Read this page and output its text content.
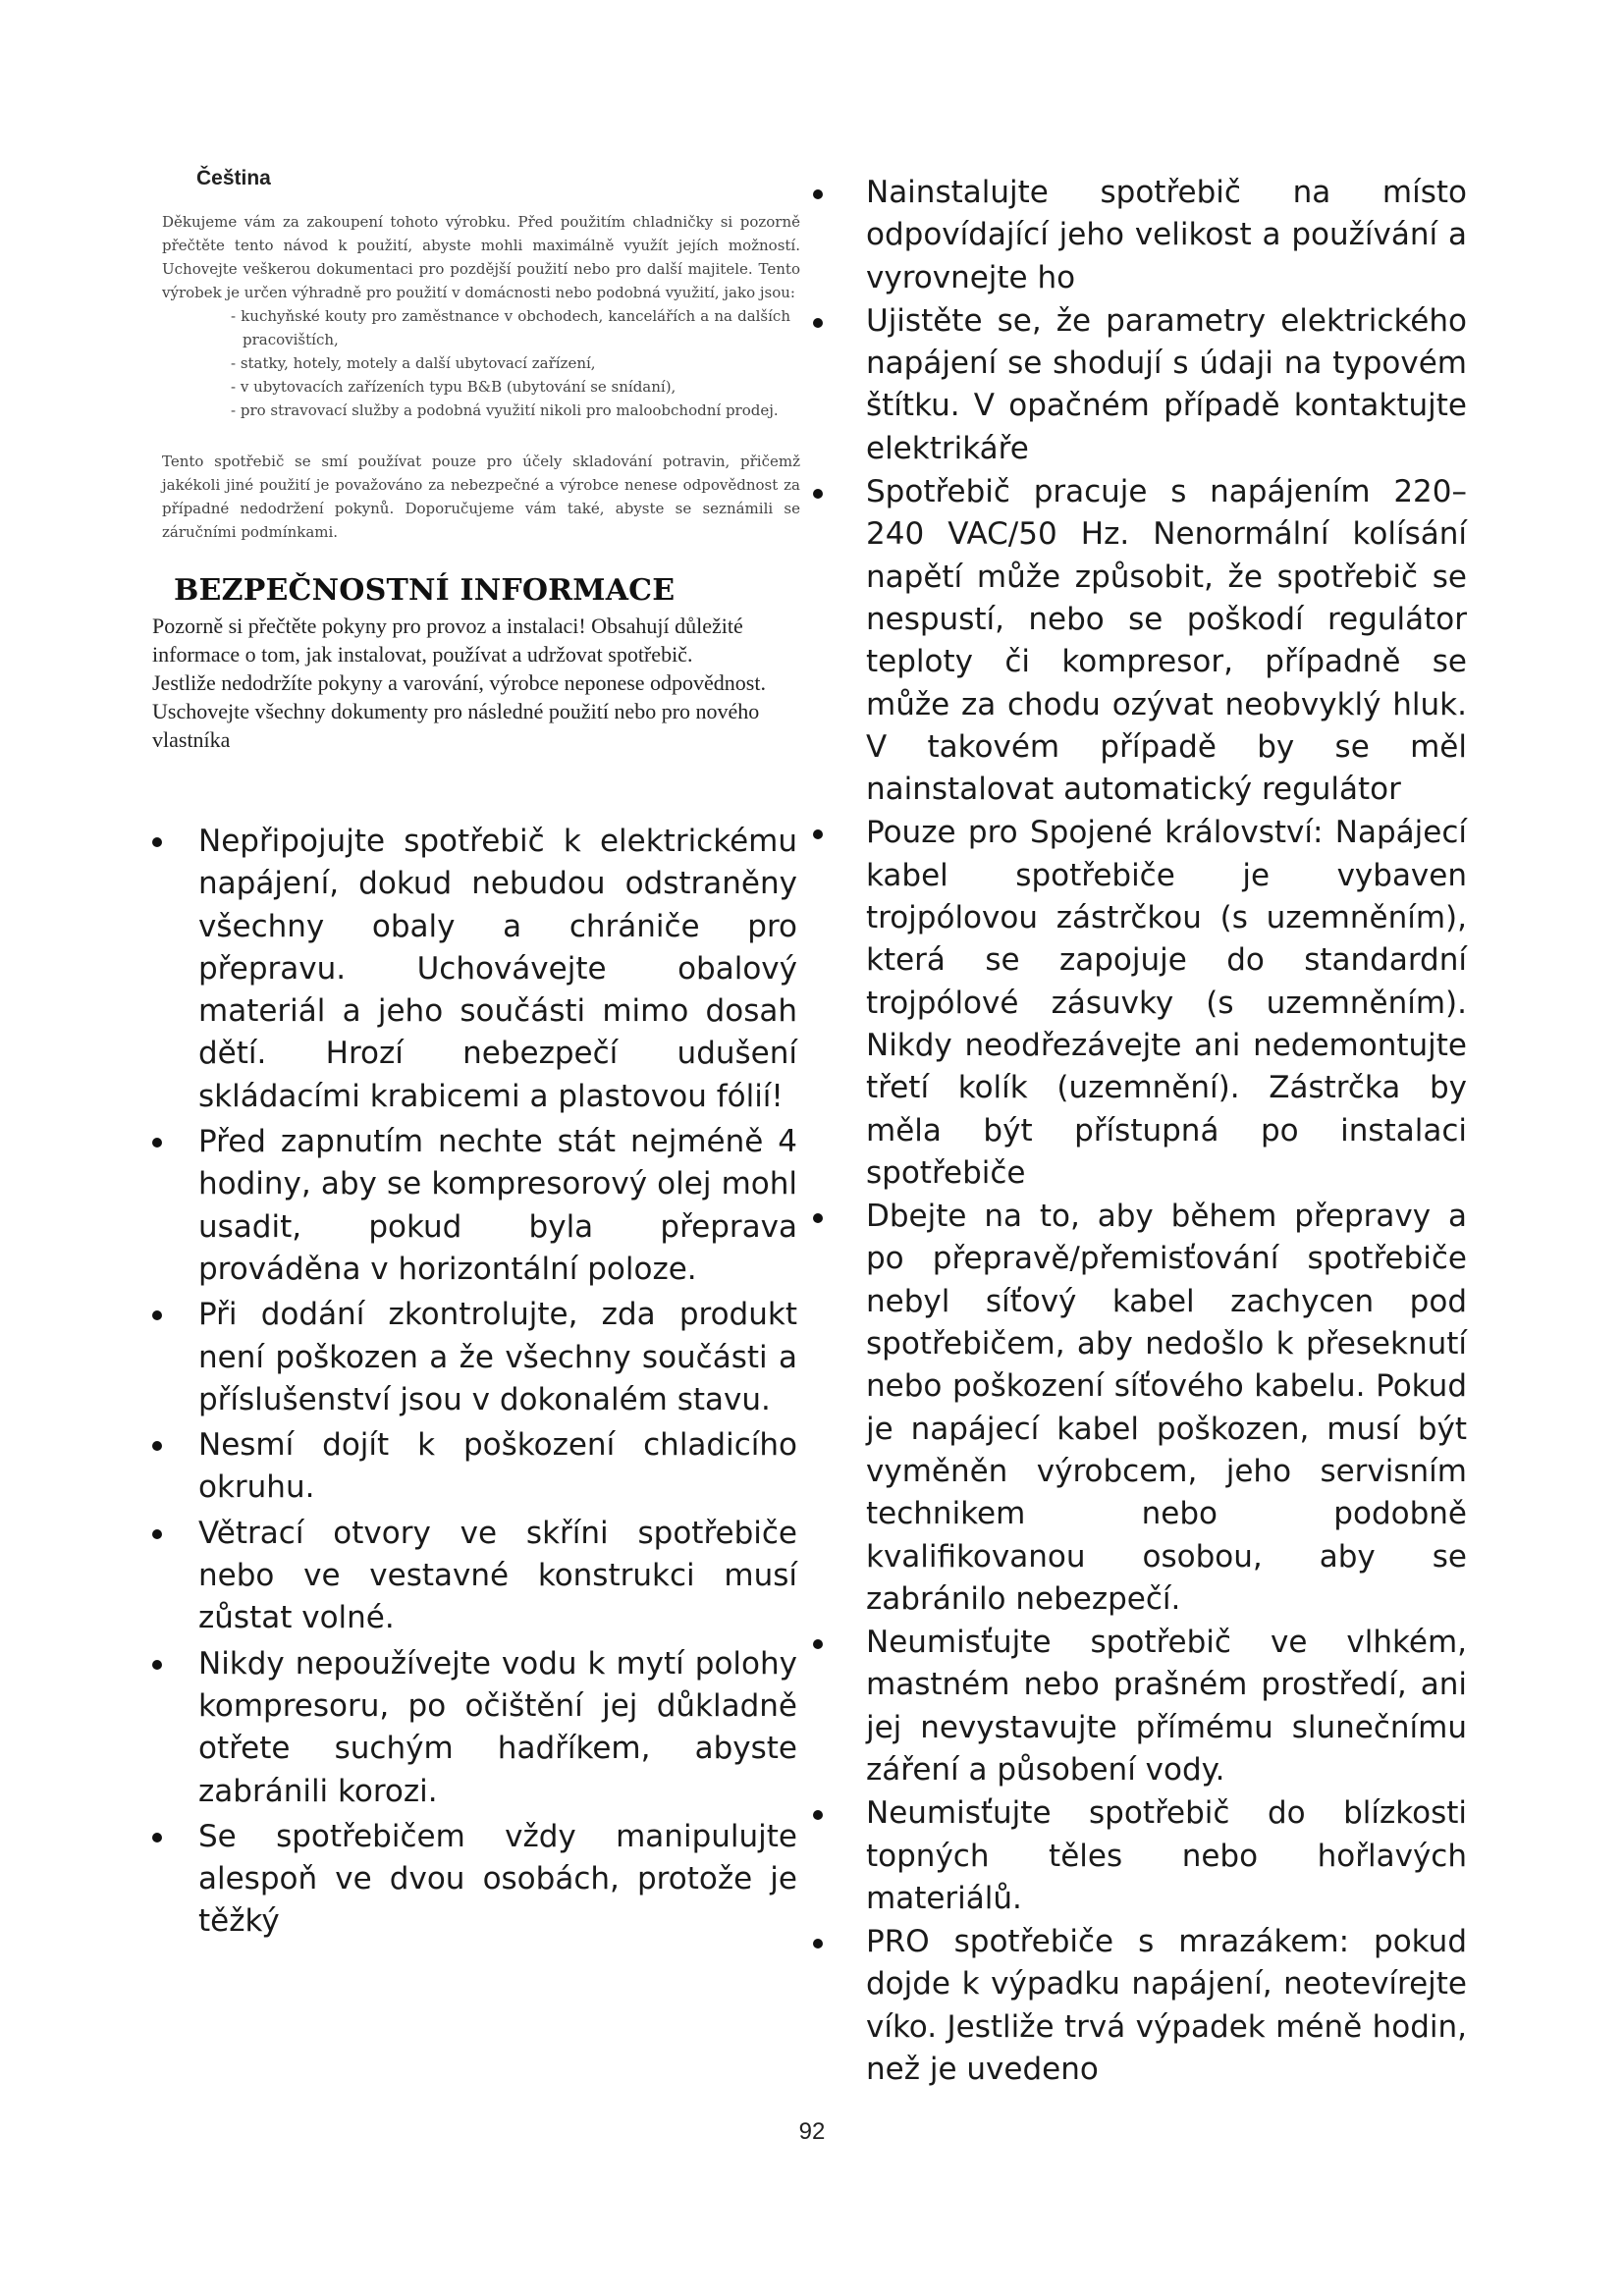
Čeština

Děkujeme vám za zakoupení tohoto výrobku. Před použitím chladničky si pozorně přečtěte tento návod k použití, abyste mohli maximálně využít jejích možností. Uchovejte veškerou dokumentaci pro pozdější použití nebo pro další majitele. Tento výrobek je určen výhradně pro použití v domácnosti nebo podobná využití, jako jsou:

- kuchyňské kouty pro zaměstnance v obchodech, kancelářích a na dalších pracovištích,
- statky, hotely, motely a další ubytovací zařízení,
- v ubytovacích zařízeních typu B&B (ubytování se snídaní),
- pro stravovací služby a podobná využití nikoli pro maloobchodní prodej.

Tento spotřebič se smí používat pouze pro účely skladování potravin, přičemž jakékoli jiné použití je považováno za nebezpečné a výrobce nenese odpovědnost za případné nedodržení pokynů. Doporučujeme vám také, abyste se seznámili se záručními podmínkami.

BEZPEČNOSTNÍ INFORMACE

Pozorně si přečtěte pokyny pro provoz a instalaci! Obsahují důležité informace o tom, jak instalovat, používat a udržovat spotřebič.

Jestliže nedodržíte pokyny a varování, výrobce neponese odpovědnost. Uschovejte všechny dokumenty pro následné použití nebo pro nového vlastníka

Nepřipojujte spotřebič k elektrickému napájení, dokud nebudou odstraněny všechny obaly a chrániče pro přepravu. Uchovávejte obalový materiál a jeho součásti mimo dosah dětí. Hrozí nebezpečí udušení skládacími krabicemi a plastovou fólií!
Před zapnutím nechte stát nejméně 4 hodiny, aby se kompresorový olej mohl usadit, pokud byla přeprava prováděna v horizontální poloze.
Při dodání zkontrolujte, zda produkt není poškozen a že všechny součásti a příslušenství jsou v dokonalém stavu.
Nesmí dojít k poškození chladicího okruhu.
Větrací otvory ve skříni spotřebiče nebo ve vestavné konstrukci musí zůstat volné.
Nikdy nepoužívejte vodu k mytí polohy kompresoru, po očištění jej důkladně otřete suchým hadříkem, abyste zabránili korozi.
Se spotřebičem vždy manipulujte alespoň ve dvou osobách, protože je těžký
Nainstalujte spotřebič na místo odpovídající jeho velikost a používání a vyrovnejte ho
Ujistěte se, že parametry elektrického napájení se shodují s údaji na typovém štítku. V opačném případě kontaktujte elektrikáře
Spotřebič pracuje s napájením 220–240 VAC/50 Hz. Nenormální kolísání napětí může způsobit, že spotřebič se nespustí, nebo se poškodí regulátor teploty či kompresor, případně se může za chodu ozývat neobvyklý hluk. V takovém případě by se měl nainstalovat automatický regulátor
Pouze pro Spojené království: Napájecí kabel spotřebiče je vybaven trojpólovou zástrčkou (s uzemněním), která se zapojuje do standardní trojpólové zásuvky (s uzemněním). Nikdy neodřezávejte ani nedemontujte třetí kolík (uzemnění). Zástrčka by měla být přístupná po instalaci spotřebiče
Dbejte na to, aby během přepravy a po přepravě/přemisťování spotřebiče nebyl síťový kabel zachycen pod spotřebičem, aby nedošlo k přeseknutí nebo poškození síťového kabelu. Pokud je napájecí kabel poškozen, musí být vyměněn výrobcem, jeho servisním technikem nebo podobně kvalifikovanou osobou, aby se zabránilo nebezpečí.
Neumisťujte spotřebič ve vlhkém, mastném nebo prašném prostředí, ani jej nevystavujte přímému slunečnímu záření a působení vody.
Neumisťujte spotřebič do blízkosti topných těles nebo hořlavých materiálů.
PRO spotřebiče s mrazákem: pokud dojde k výpadku napájení, neotevírejte víko. Jestliže trvá výpadek méně hodin, než je uvedeno
92
